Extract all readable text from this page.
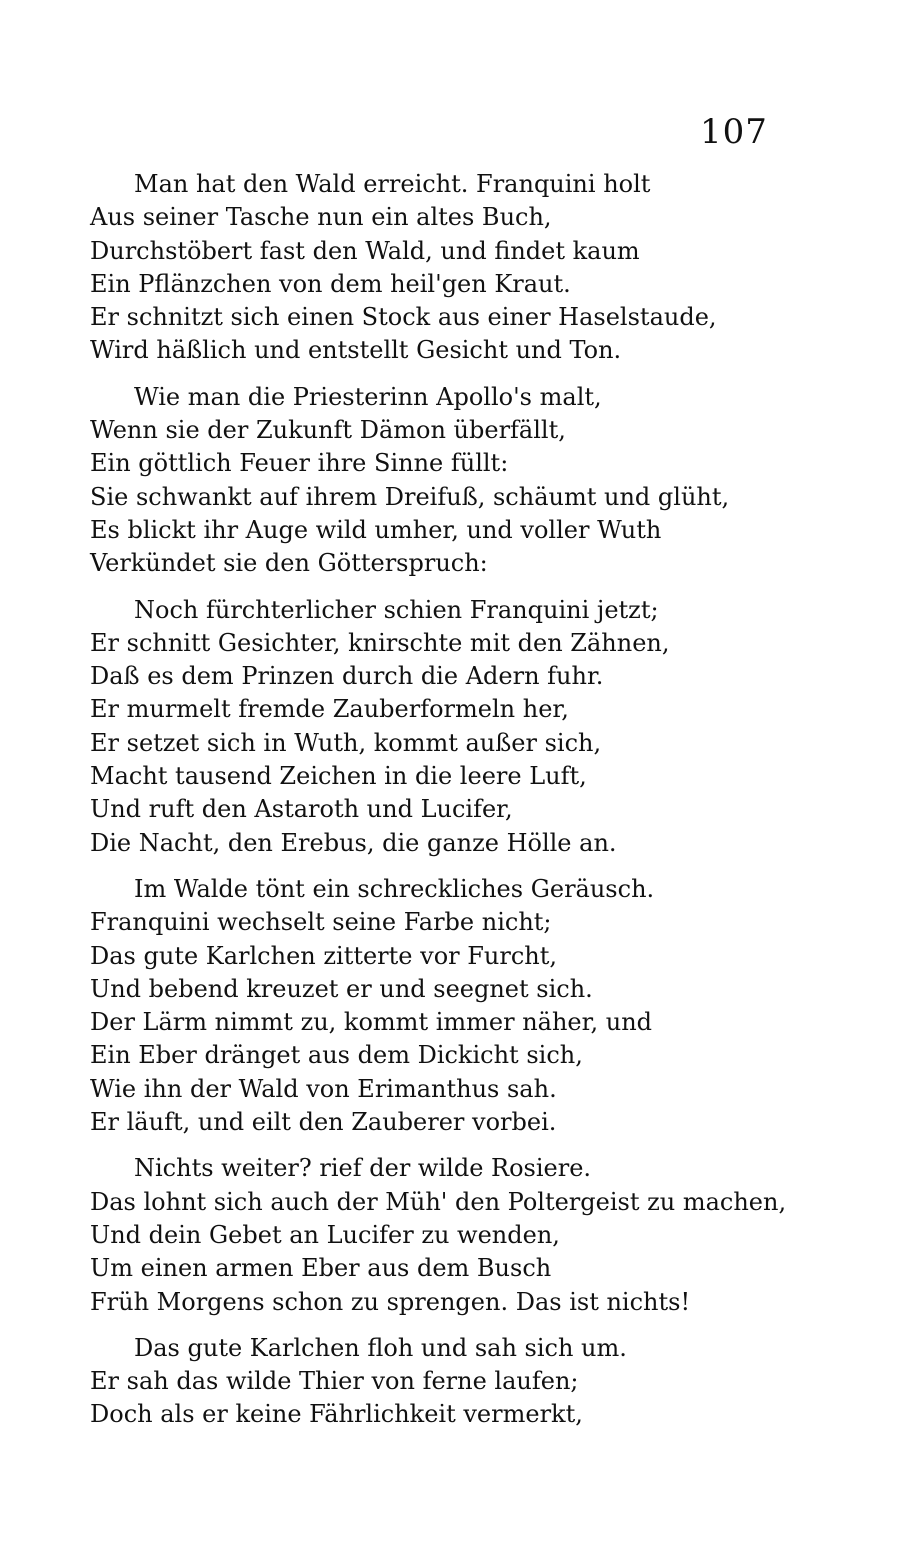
107
Man hat den Wald erreicht. Franquini holt
Aus seiner Tasche nun ein altes Buch,
Durchstöbert fast den Wald, und findet kaum
Ein Pflänzchen von dem heil'gen Kraut.
Er schnitzt sich einen Stock aus einer Haselstaude,
Wird häßlich und entstellt Gesicht und Ton.
Wie man die Priesterinn Apollo's malt,
Wenn sie der Zukunft Dämon überfällt,
Ein göttlich Feuer ihre Sinne füllt:
Sie schwankt auf ihrem Dreifuß, schäumt und glüht,
Es blickt ihr Auge wild umher, und voller Wuth
Verkündet sie den Götterspruch:
Noch fürchterlicher schien Franquini jetzt;
Er schnitt Gesichter, knirschte mit den Zähnen,
Daß es dem Prinzen durch die Adern fuhr.
Er murmelt fremde Zauberformeln her,
Er setzet sich in Wuth, kommt außer sich,
Macht tausend Zeichen in die leere Luft,
Und ruft den Astaroth und Lucifer,
Die Nacht, den Erebus, die ganze Hölle an.
Im Walde tönt ein schreckliches Geräusch.
Franquini wechselt seine Farbe nicht;
Das gute Karlchen zitterte vor Furcht,
Und bebend kreuzet er und seegnet sich.
Der Lärm nimmt zu, kommt immer näher, und
Ein Eber dränget aus dem Dickicht sich,
Wie ihn der Wald von Erimanthus sah.
Er läuft, und eilt den Zauberer vorbei.
Nichts weiter? rief der wilde Rosiere.
Das lohnt sich auch der Müh' den Poltergeist zu machen,
Und dein Gebet an Lucifer zu wenden,
Um einen armen Eber aus dem Busch
Früh Morgens schon zu sprengen. Das ist nichts!
Das gute Karlchen floh und sah sich um.
Er sah das wilde Thier von ferne laufen;
Doch als er keine Fährlichkeit vermerkt,
